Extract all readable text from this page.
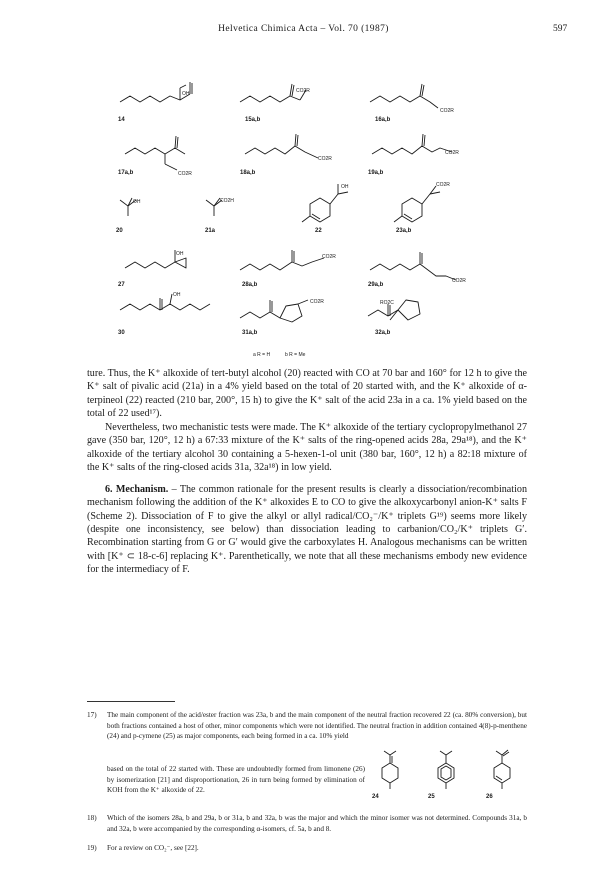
Helvetica Chimica Acta – Vol. 70 (1987)	597
OH
14
CO2R
15a,b
CO2R
16a,b
CO2R
17a,b
CO2R
18a,b
CO2R
19a,b
OH
20
CO2H
21a
OH
22
CO2R
23a,b
OH
27
CO2R
28a,b
CO2R
29a,b
OH
30
CO2R
31a,b
RO2C
32a,b
a R = H	b R = Me

ture. Thus, the K⁺ alkoxide of tert-butyl alcohol (20) reacted with CO at 70 bar and 160° for 12 h to give the K⁺ salt of pivalic acid (21a) in a 4% yield based on the total of 20 started with, and the K⁺ alkoxide of α-terpineol (22) reacted (210 bar, 200°, 15 h) to give the K⁺ salt of the acid 23a in a ca. 1% yield based on the total of 22 used¹⁷).

Nevertheless, two mechanistic tests were made. The K⁺ alkoxide of the tertiary cyclopropylmethanol 27 gave (350 bar, 120°, 12 h) a 67:33 mixture of the K⁺ salts of the ring-opened acids 28a, 29a¹⁸), and the K⁺ alkoxide of the tertiary alcohol 30 containing a 5-hexen-1-ol unit (380 bar, 160°, 12 h) a 82:18 mixture of the K⁺ salts of the ring-closed acids 31a, 32a¹⁸) in low yield.

6. Mechanism. – The common rationale for the present results is clearly a dissociation/recombination mechanism following the addition of the K⁺ alkoxides E to CO to give the alkoxycarbonyl anion-K⁺ salts F (Scheme 2). Dissociation of F to give the alkyl or allyl radical/CO₂⁻/K⁺ triplets G¹⁹) seems more likely (despite one inconsistency, see below) than dissociation leading to carbanion/CO₂/K⁺ triplets G′. Recombination starting from G or G′ would give the carboxylates H. Analogous mechanisms can be written with [K⁺ ⊂ 18-c-6] replacing K⁺. Parenthetically, we note that all these mechanisms embody new evidence for the intermediacy of F.

17)	The main component of the acid/ester fraction was 23a, b and the main component of the neutral fraction recovered 22 (ca. 80% conversion), but both fractions contained a host of other, minor components which were not identified. The neutral fraction in addition contained 4(8)-p-menthene (24) and p-cymene (25) as major components, each being formed in a ca. 10% yield
based on the total of 22 started with. These are undoubtedly formed from limonene (26) by isomerization [21] and disproportionation, 26 in turn being formed by elimination of KOH from the K⁺ alkoxide of 22.
24	25	26
18)	Which of the isomers 28a, b and 29a, b or 31a, b and 32a, b was the major and which the minor isomer was not determined. Compounds 31a, b and 32a, b were accompanied by the corresponding α-isomers, cf. 5a, b and 8.
19)	For a review on CO₂⁻, see [22].
